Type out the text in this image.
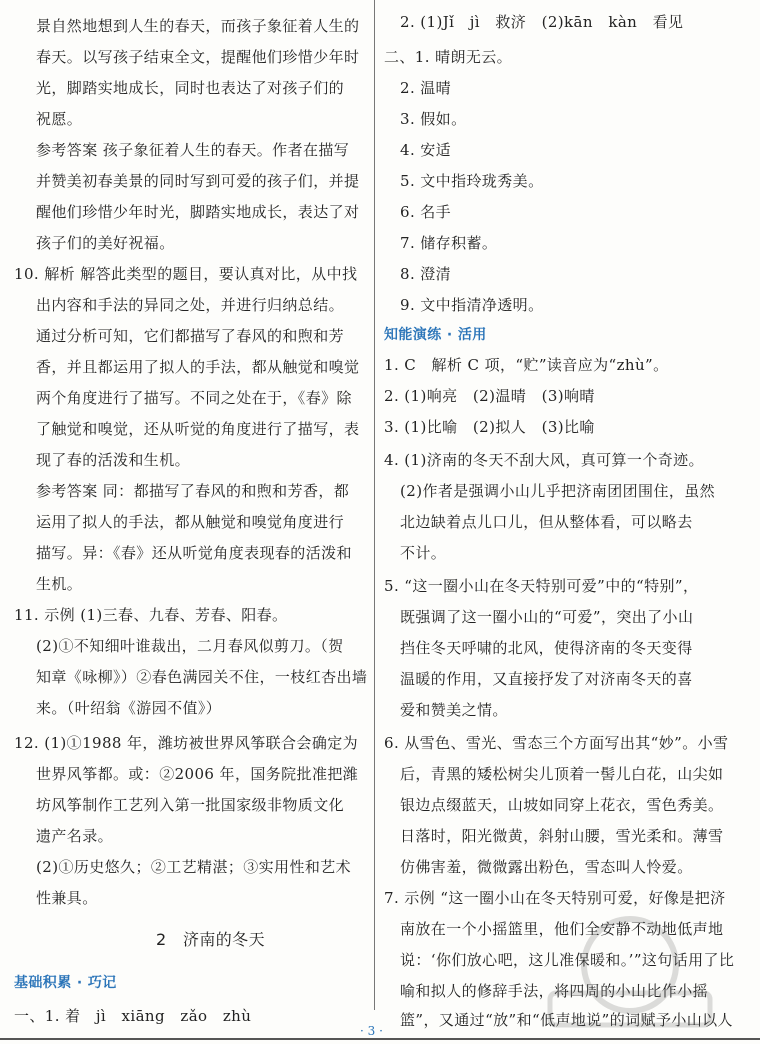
2　济南的冬天
基础积累 · 巧记
一、1. 着　jì　xiāng　zǎo　zhù
景自然地想到人生的春天，而孩子象征着人生的
春天。以写孩子结束全文，提醒他们珍惜少年时
光，脚踏实地成长，同时也表达了对孩子们的
祝愿。
参考答案 孩子象征着人生的春天。作者在描写
并赞美初春美景的同时写到可爱的孩子们，并提
醒他们珍惜少年时光，脚踏实地成长，表达了对
孩子们的美好祝福。
10. 解析 解答此类型的题目，要认真对比，从中找
出内容和手法的异同之处，并进行归纳总结。
通过分析可知，它们都描写了春风的和煦和芳
香，并且都运用了拟人的手法，都从触觉和嗅觉
两个角度进行了描写。不同之处在于，《春》除
了触觉和嗅觉，还从听觉的角度进行了描写，表
现了春的活泼和生机。
参考答案 同：都描写了春风的和煦和芳香，都
运用了拟人的手法，都从触觉和嗅觉角度进行
描写。异：《春》还从听觉角度表现春的活泼和
生机。
11. 示例 (1)三春、九春、芳春、阳春。
(2)①不知细叶谁裁出，二月春风似剪刀。（贺
知章《咏柳》）②春色满园关不住，一枝红杏出墙
来。（叶绍翁《游园不值》）
12. (1)①1988 年，潍坊被世界风筝联合会确定为
世界风筝都。或：②2006 年，国务院批准把潍
坊风筝制作工艺列入第一批国家级非物质文化
遗产名录。
(2)①历史悠久；②工艺精湛；③实用性和艺术
性兼具。
知能演练 · 活用
2. (1)Jǐ　jì　救济　(2)kān　kàn　看见
二、1. 晴朗无云。
2. 温晴
3. 假如。
4. 安适
5. 文中指玲珑秀美。
6. 名手
7. 储存积蓄。
8. 澄清
9. 文中指清净透明。
1. C　解析 C 项，“贮”读音应为“zhù”。
2. (1)响亮　(2)温晴　(3)响晴
3. (1)比喻　(2)拟人　(3)比喻
4. (1)济南的冬天不刮大风，真可算一个奇迹。
(2)作者是强调小山儿乎把济南团团围住，虽然
北边缺着点儿口儿，但从整体看，可以略去
不计。
5. “这一圈小山在冬天特别可爱”中的“特别”，
既强调了这一圈小山的“可爱”，突出了小山
挡住冬天呼啸的北风，使得济南的冬天变得
温暖的作用，又直接抒发了对济南冬天的喜
爱和赞美之情。
6. 从雪色、雪光、雪态三个方面写出其“妙”。小雪
后，青黑的矮松树尖儿顶着一髻儿白花，山尖如
银边点缀蓝天，山坡如同穿上花衣，雪色秀美。
日落时，阳光微黄，斜射山腰，雪光柔和。薄雪
仿佛害羞，微微露出粉色，雪态叫人怜爱。
7. 示例 “这一圈小山在冬天特别可爱，好像是把济
南放在一个小摇篮里，他们全安静不动地低声地
说：‘你们放心吧，这儿准保暖和。’”这句话用了比
喻和拟人的修辞手法，将四周的小山比作小摇
篮”，又通过“放”和“低声地说”的词赋予小山以人
· 3 ·
